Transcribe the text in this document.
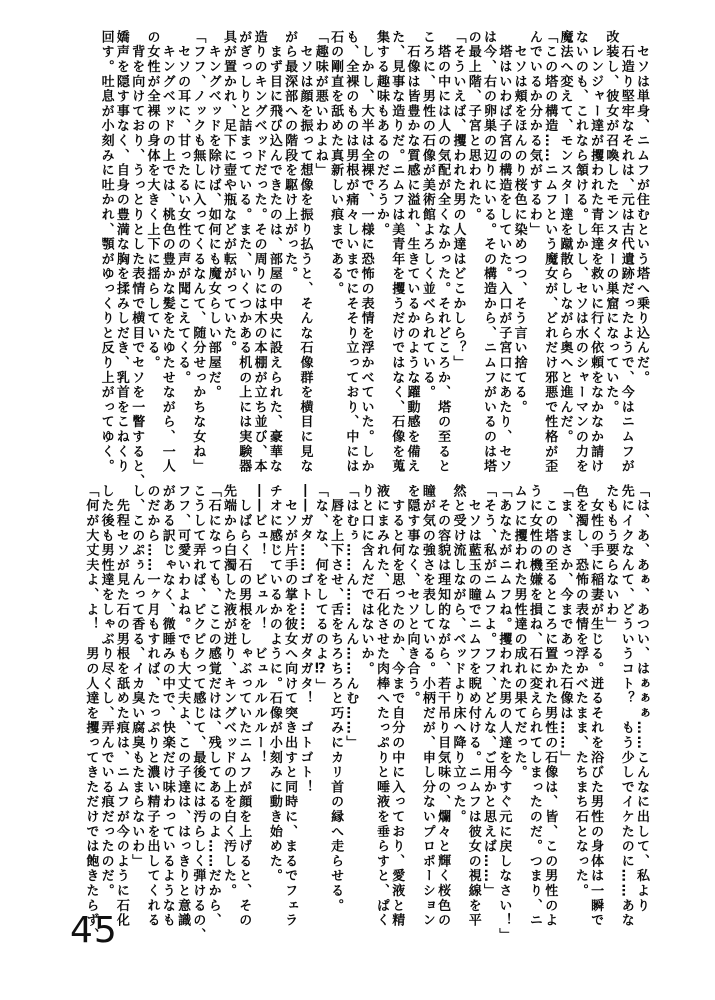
　セソは単身、ニムフが住むという塔へ乗り込んだ。
　石造り堅牢なそれは、元は古代遺跡だったようで、今はニムフが
改装し、彼女が召喚したモンスターの巣窟になっていた。
　レンジャー達が攫われた青年達を救いに行く依頼をなかなか請け
ないのも、これなら頷ける。しかし、セソは水のシャーマンの力を
魔法へ変えて、モンスター達を蹴散らしながら奥へと進んだ。
「この塔の構造……ニムフという魔女が、どれだけ邪悪で性格が歪
んでいるか分かる気がするわ」
　セソは頬をほんのり桜色に染めつつ、そう言い捨てる。
　塔はいわば子宮の構造をしていた。入口が子宮口にあたり、セソ
は今、右の卵巣の辺りにいる。その構造から、ニムフがいるのは塔
の最上階、子宮と思われた。
「そういえば、攫われた男の人達はどこかしら？」
　塔の中には人の気配が全くなかった。それどころか、塔の至ると
ころに、男性の石像が美術館よろしく並べられている。
　石像は皆豊かな質感に溢れ、生きているかのような躍動感を備え
た、見事な造りだ。ニムフは美青年を攫うだけではなく、石像を蒐
集する趣味もあるのだろうか。
　しかし、大半は全裸で、一様に恐怖の表情を浮かべていた。しか
も、全裸のものは男根が痛々しいまでにそそり立っており、中には
石の剛直を舐めた真新しい痕まである。
「趣味が悪いわよね」
　セソは顔を振って想像を振り払うと、そんな石像群を横目に見な
がら最深部への階段を駆け上がった。
　まず目に飛び込んできたのは、部屋の中央に設えられた、豪華な
造りのキングベッドだった。その周りには木の本棚が立ち並び、本
がぎっしりと詰まっている。また、いくつかある机の上には実験器
具が置かれ、足下に壺や瓶などが転がっていた。
　キングベッドを除けば、如何にも魔女らしい部屋だ。
「フフ、ノックも無しに入ってくるなんて、随分せっかちな女ね」
　セソの耳に、甘ったるい女性の声が聞こえてくる。
　キングベッドの上では、桃色の豊かな髪をたゆたせながら、一人
の女性が全裸の身体を大きく上下に揺らしている。
　背を向けており、うっとりとした表情で横目でセソを一瞥すると、
嬌声を隠す事なく、自身の豊満な胸を揉みしだき、乳首をこねくり
回す。吐息が小刻みに吐かれ、顎がゆっくりと反り上がってゆく。
「は、あ、あぁ、あつい、はぁぁぁ……こんなに出して、私より
先にイクなんて、どういうコト？　もう少しでイケたのに……あな
たももう要らないわ」
　女性の手に稲妻が生じる。迸るそれを浴びた男性の身体は一瞬で
色を濁し、恐怖の表情を浮かべたまま、たちまち石となった。
「ま、まさか、今まであった石像は……」
　この塔の至るところに置かれた男性の石像は、皆、この男性のよ
うに女性の機嫌を損ね、石に変えられてしまったのだ。つまり、ニ
ムフに攫われた男性達の成れの果てだった。
「あなたがニムフね。攫われた男の人達を今すぐ元に戻しなさい！」
「そう、私がニムフよ。フフ、どんな、ご用かと思えば……」
　セソは藍玉の瞳でニムフを睨め付ける。ニムフは彼女の視線を平
然と受け流しながら、ベッドより床へ降り立った。
　その容貌は理知的ながら、若干吊り目気味の、爛々と輝く桜色の
瞳が気の強さを表している。小柄だが、申し分ないプロポーション
を隠す事なく、セソと向き合う。
　すると何を思ったのか、今まで自分の中に入っており、愛液と精
液にまみれた、石化させた肉棒へたっぷりと唾液を垂らすと、ぱく
りと口に含んだではないか。
「はむぅ……ん……んん……んむ……」
　唇を上下させ、舌をちろちろと巧みにカリ首の縁へ走らせる。
「な、な、何をしてるのよ⁉」
――ガタ……ゴト……ガタガタ！　ゴトゴト！
　セソが片手の掌を彼女へ向けて突き出すと同時に、まるでフェラ
チオに感じているかのように。石像が小刻みに動き始めた。
――ビュ！　ビュル！　ビュルルルルー！
　しばらく石の男根をしゃぶっていたニムフが顔を上げると、その
先端から白濁した液が迸り、キングベッドの上を白く汚した。
「石になっても、ここの感覚だけは、残してあるのよ……だから、
こうして弄れば、ピクピクって感じて、最後には汚らしく弾けるの、
フフ、可愛いわよね。でも大丈夫よ、この子達は、はっきりと意識
がある訳じゃなく、微睡みの中で、快楽だけ味わっているようなも
のだから……一ヶ月もすれば、たっぷりと濃い精子を出してくれる
し、このぷぅんって香る、イカ臭い腐臭もたまらないわ」
　先程セソが見た石の男根を舐めた痕は、ニムフが今のように石化
した後も男性達をしゃぶり尽くし、弄んでいる痕だったのだ。
「何が大丈夫よ、よ！　男の人達を攫ってきただけでは飽きたらず、
45
